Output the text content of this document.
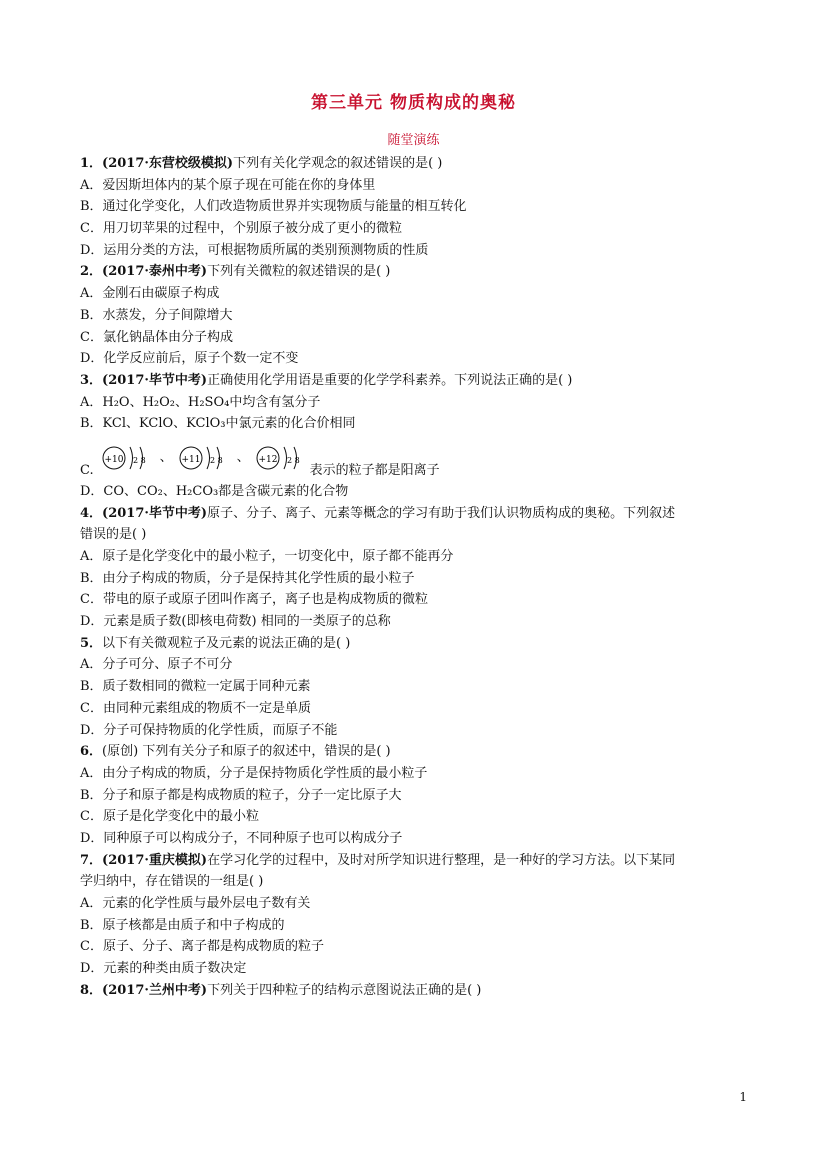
第三单元 物质构成的奥秘
随堂演练
1．(2017·东营校级模拟)下列有关化学观念的叙述错误的是( )
A．爱因斯坦体内的某个原子现在可能在你的身体里
B．通过化学变化，人们改造物质世界并实现物质与能量的相互转化
C．用刀切苹果的过程中，个别原子被分成了更小的微粒
D．运用分类的方法，可根据物质所属的类别预测物质的性质
2．(2017·泰州中考)下列有关微粒的叙述错误的是( )
A．金刚石由碳原子构成
B．水蒸发，分子间隙增大
C．氯化钠晶体由分子构成
D．化学反应前后，原子个数一定不变
3．(2017·毕节中考)正确使用化学用语是重要的化学学科素养。下列说法正确的是( )
A．H₂O、H₂O₂、H₂SO₄中均含有氢分子
B．KCl、KClO、KClO₃中氯元素的化合价相同
C.
+10 2 8 、 +11 2 8 、 +12 2 8
表示的粒子都是阳离子
D．CO、CO₂、H₂CO₃都是含碳元素的化合物
4．(2017·毕节中考)原子、分子、离子、元素等概念的学习有助于我们认识物质构成的奥秘。下列叙述
错误的是( )
A．原子是化学变化中的最小粒子，一切变化中，原子都不能再分
B．由分子构成的物质，分子是保持其化学性质的最小粒子
C．带电的原子或原子团叫作离子，离子也是构成物质的微粒
D．元素是质子数(即核电荷数) 相同的一类原子的总称
5．以下有关微观粒子及元素的说法正确的是( )
A．分子可分、原子不可分
B．质子数相同的微粒一定属于同种元素
C．由同种元素组成的物质不一定是单质
D．分子可保持物质的化学性质，而原子不能
6．(原创) 下列有关分子和原子的叙述中，错误的是( )
A．由分子构成的物质，分子是保持物质化学性质的最小粒子
B．分子和原子都是构成物质的粒子，分子一定比原子大
C．原子是化学变化中的最小粒
D．同种原子可以构成分子，不同种原子也可以构成分子
7．(2017·重庆模拟)在学习化学的过程中，及时对所学知识进行整理，是一种好的学习方法。以下某同
学归纳中，存在错误的一组是( )
A．元素的化学性质与最外层电子数有关
B．原子核都是由质子和中子构成的
C．原子、分子、离子都是构成物质的粒子
D．元素的种类由质子数决定
8．(2017·兰州中考)下列关于四种粒子的结构示意图说法正确的是( )
1
